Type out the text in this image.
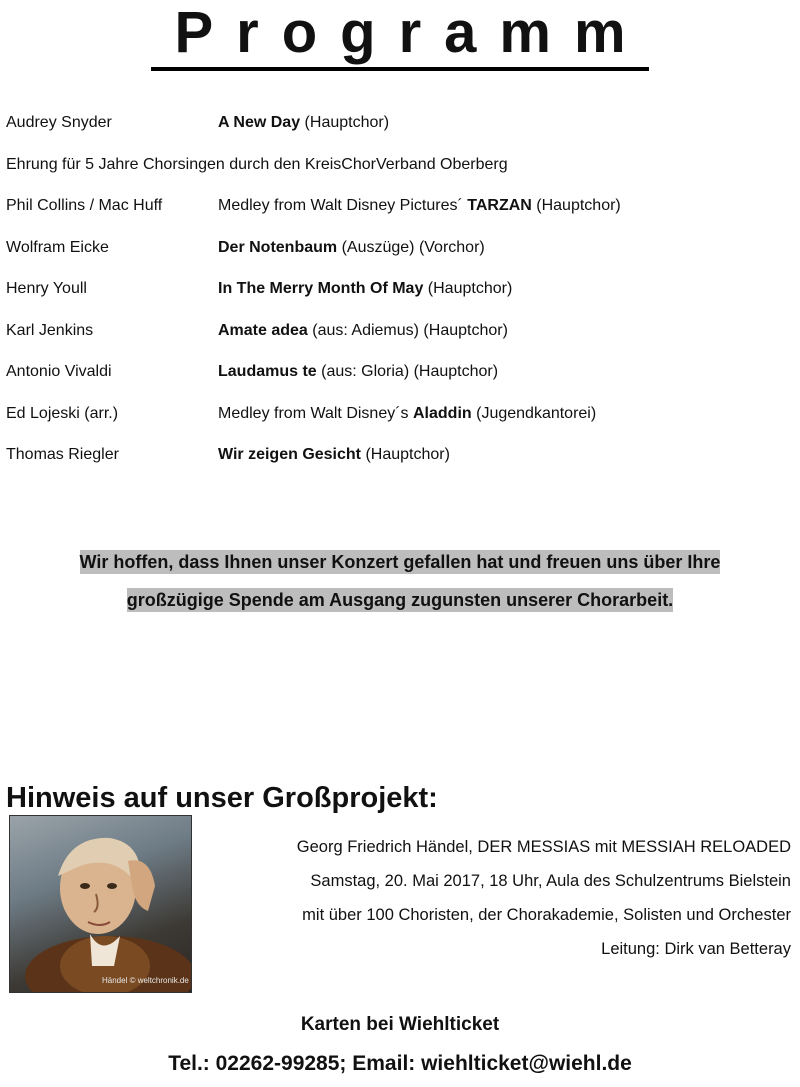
Programm
Audrey Snyder	A New Day (Hauptchor)
Ehrung für 5 Jahre Chorsingen durch den KreisChorVerband Oberberg
Phil Collins / Mac Huff	Medley from Walt Disney Pictures´ TARZAN (Hauptchor)
Wolfram Eicke	Der Notenbaum (Auszüge) (Vorchor)
Henry Youll	In The Merry Month Of May (Hauptchor)
Karl Jenkins	Amate adea (aus: Adiemus) (Hauptchor)
Antonio Vivaldi	Laudamus te (aus: Gloria) (Hauptchor)
Ed Lojeski (arr.)	Medley from Walt Disney´s Aladdin (Jugendkantorei)
Thomas Riegler	Wir zeigen Gesicht (Hauptchor)
Wir hoffen, dass Ihnen unser Konzert gefallen hat und freuen uns über Ihre
großzügige Spende am Ausgang zugunsten unserer Chorarbeit.
Hinweis auf unser Großprojekt:
Händel © weltchronik.de
Georg Friedrich Händel, DER MESSIAS mit MESSIAH RELOADED
Samstag, 20. Mai 2017, 18 Uhr, Aula des Schulzentrums Bielstein
mit über 100 Choristen, der Chorakademie, Solisten und Orchester
Leitung: Dirk van Betteray
Karten bei Wiehlticket
Tel.: 02262-99285; Email: wiehlticket@wiehl.de
